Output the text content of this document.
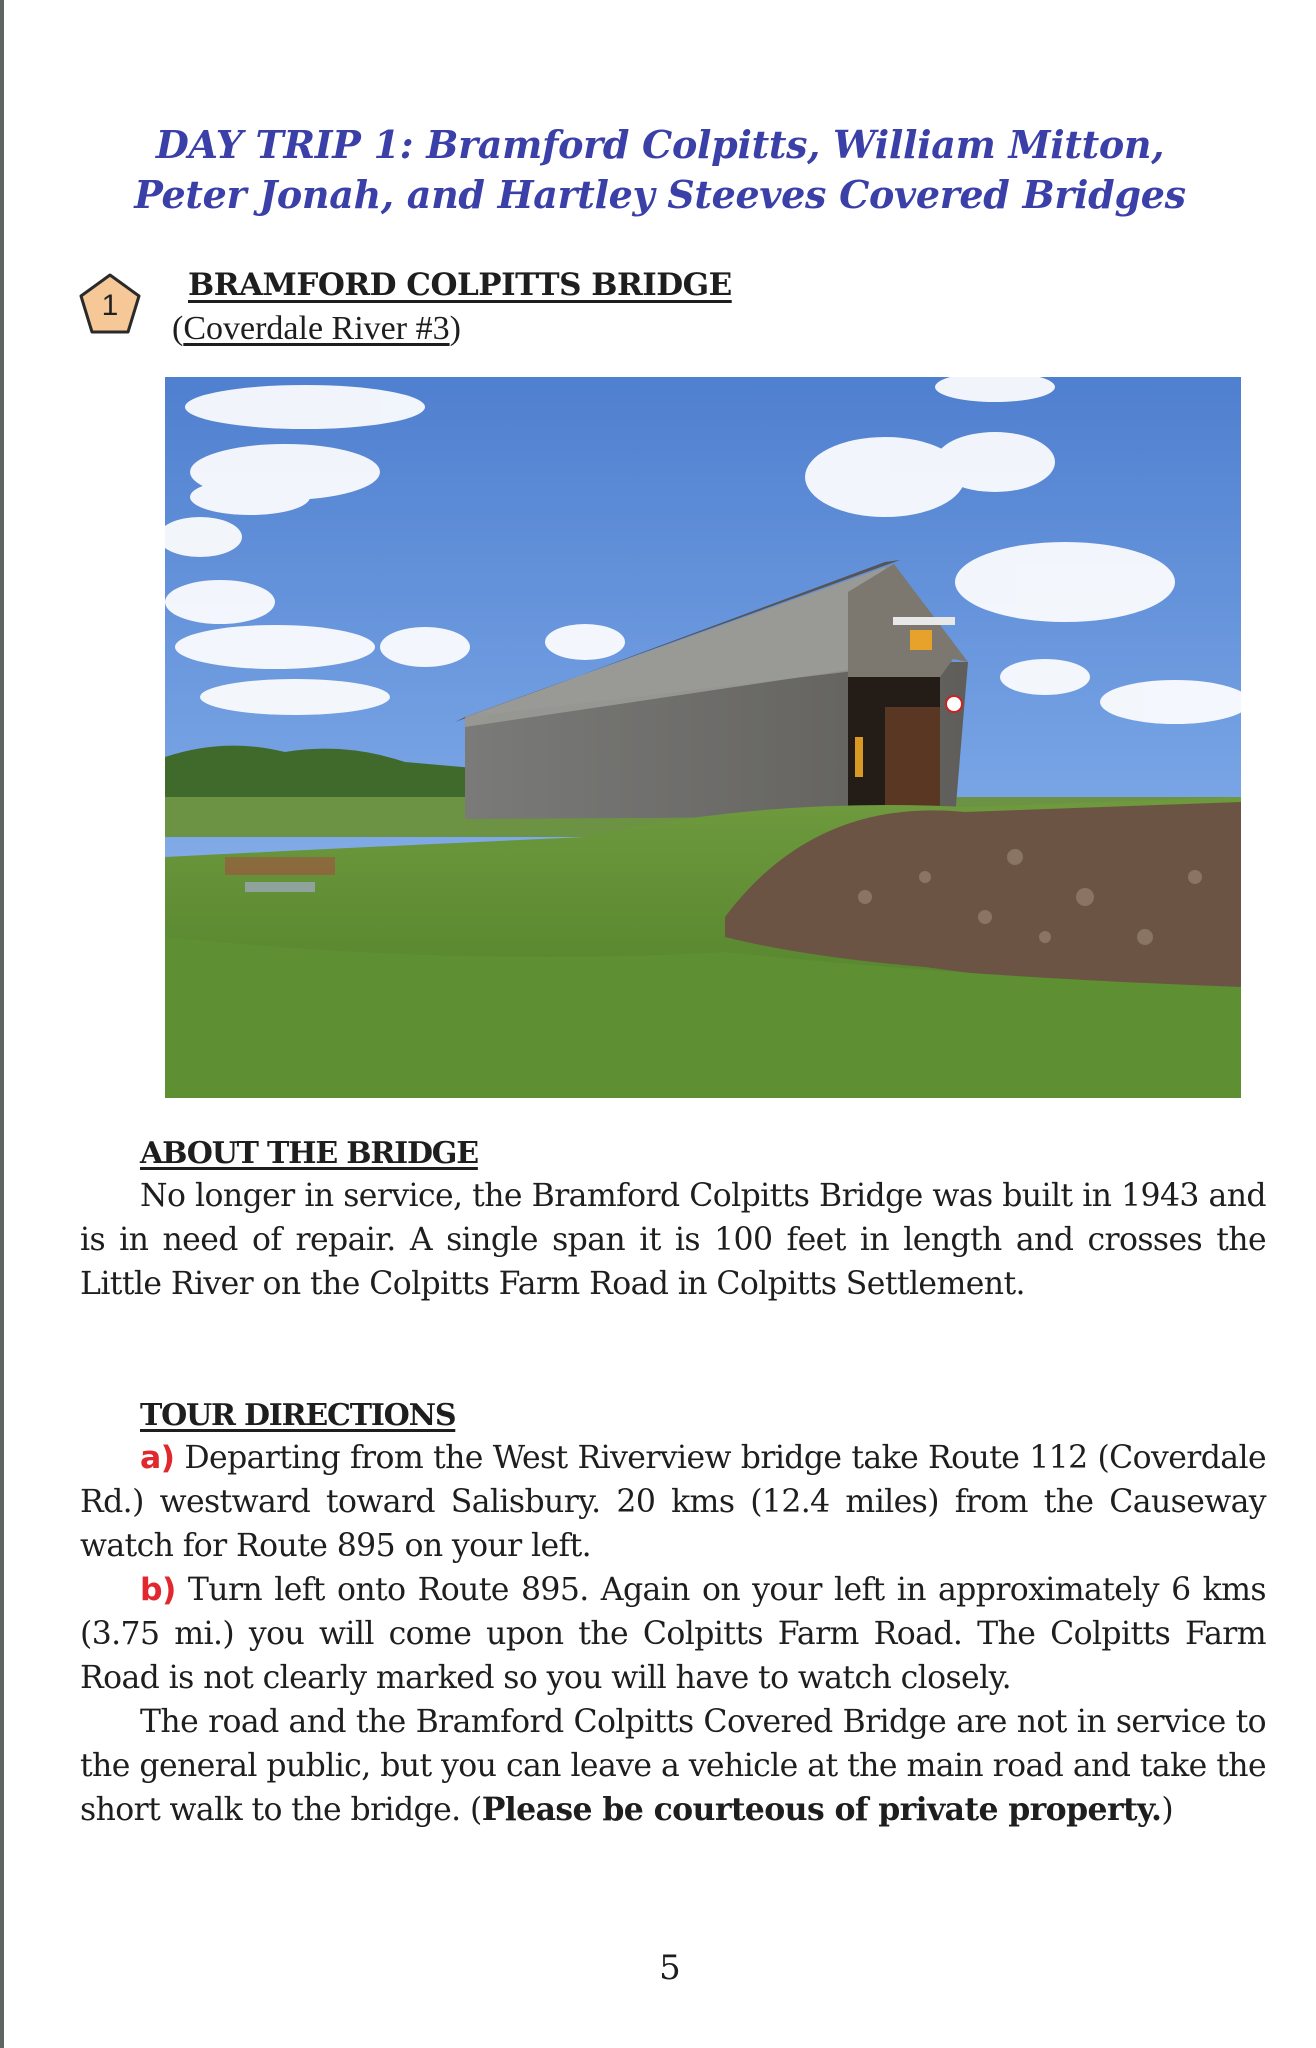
DAY TRIP 1: Bramford Colpitts, William Mitton,
Peter Jonah, and Hartley Steeves Covered Bridges
1
BRAMFORD COLPITTS BRIDGE
(Coverdale River #3)
ABOUT THE BRIDGE

No longer in service, the Bramford Colpitts Bridge was built in 1943 and is in need of repair. A single span it is 100 feet in length and crosses the Little River on the Colpitts Farm Road in Colpitts Settlement.

TOUR DIRECTIONS

a) Departing from the West Riverview bridge take Route 112 (Coverdale Rd.) westward toward Salisbury. 20 kms (12.4 miles) from the Causeway watch for Route 895 on your left.

b) Turn left onto Route 895. Again on your left in approximately 6 kms (3.75 mi.) you will come upon the Colpitts Farm Road. The Colpitts Farm Road is not clearly marked so you will have to watch closely.

The road and the Bramford Colpitts Covered Bridge are not in service to the general public, but you can leave a vehicle at the main road and take the short walk to the bridge. (Please be courteous of private property.)

5
